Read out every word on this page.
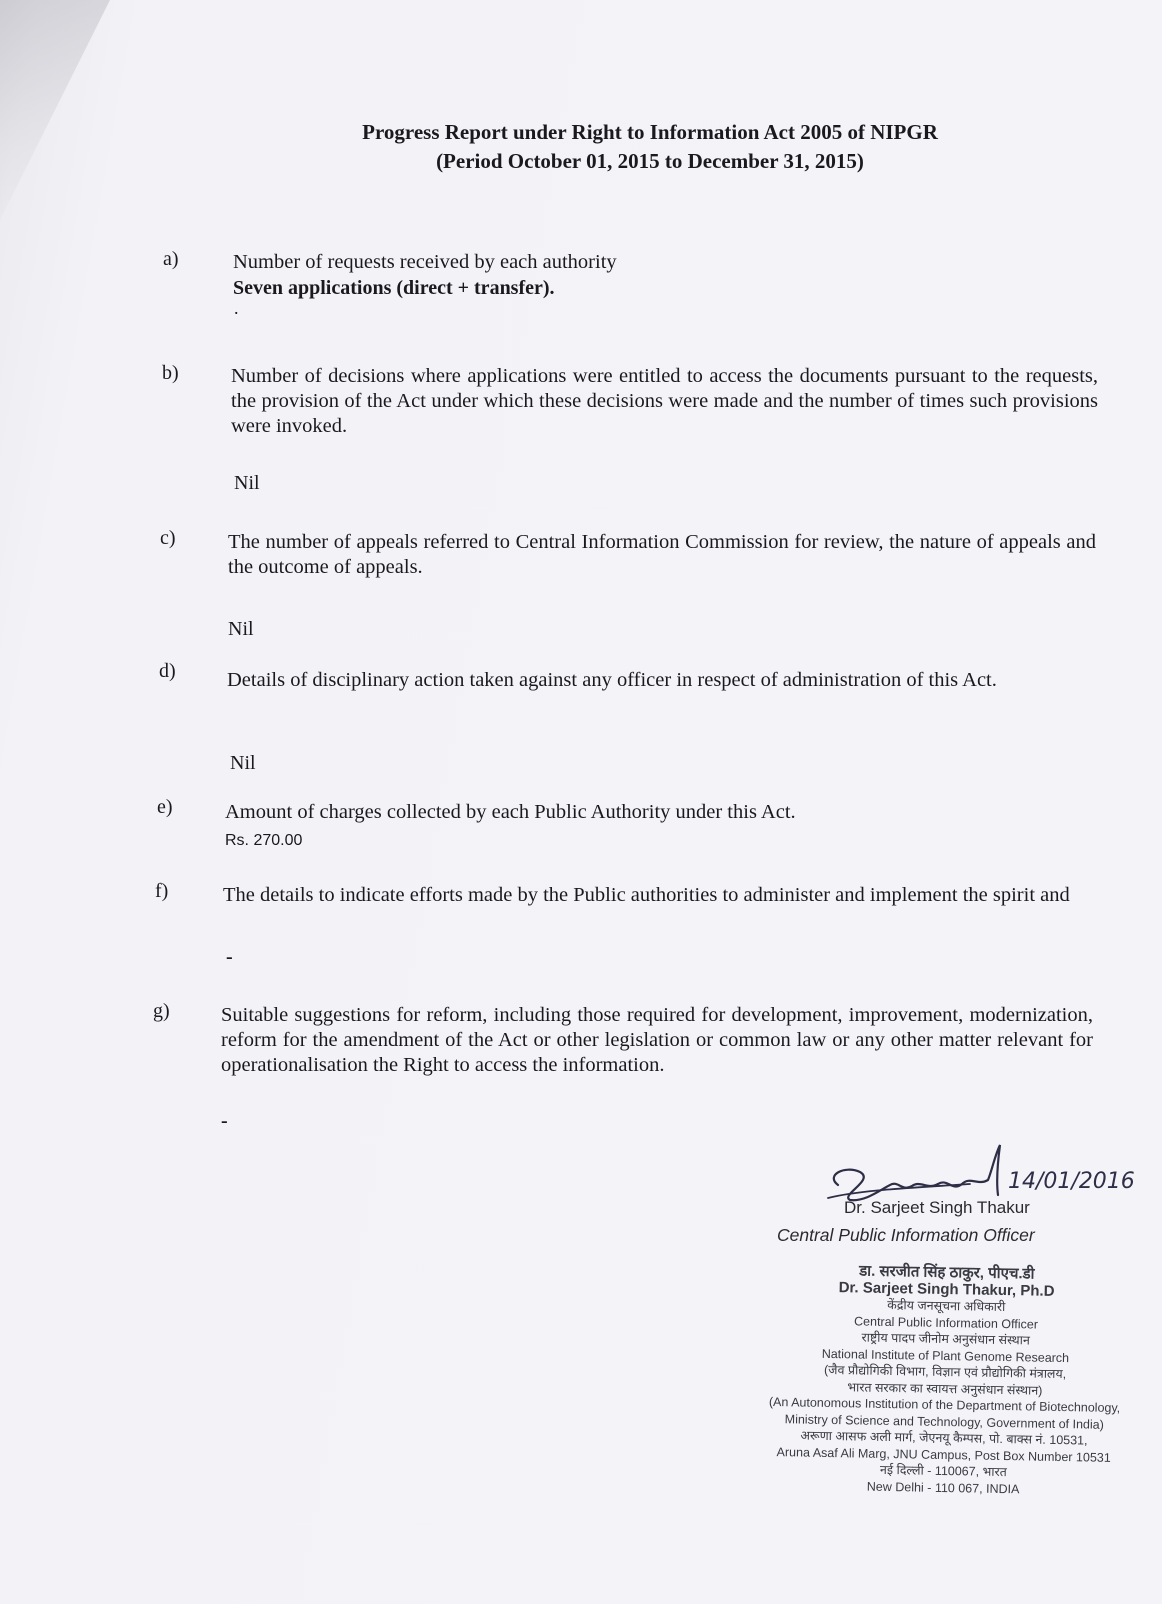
Progress Report under Right to Information Act 2005 of NIPGR
(Period October 01, 2015 to December 31, 2015)
a)	Number of requests received by each authority
Seven applications (direct + transfer).
.
b)	Number of decisions where applications were entitled to access the documents pursuant to the requests, the provision of the Act under which these decisions were made and the number of times such provisions were invoked.
Nil
c)	The number of appeals referred to Central Information Commission for review, the nature of appeals and the outcome of appeals.
Nil
d)	Details of disciplinary action taken against any officer in respect of administration of this Act.
Nil
e)	Amount of charges collected by each Public Authority under this Act.
Rs. 270.00
f)	The details to indicate efforts made by the Public authorities to administer and implement the spirit and
-
g)	Suitable suggestions for reform, including those required for development, improvement, modernization, reform for the amendment of the Act or other legislation or common law or any other matter relevant for operationalisation the Right to access the information.
-
14/01/2016
Dr. Sarjeet Singh Thakur
Central Public Information Officer
डा. सरजीत सिंह ठाकुर, पीएच.डी
Dr. Sarjeet Singh Thakur, Ph.D
केंद्रीय जनसूचना अधिकारी
Central Public Information Officer
राष्ट्रीय पादप जीनोम अनुसंधान संस्थान
National Institute of Plant Genome Research
(जैव प्रौद्योगिकी विभाग, विज्ञान एवं प्रौद्योगिकी मंत्रालय,
भारत सरकार का स्वायत्त अनुसंधान संस्थान)
(An Autonomous Institution of the Department of Biotechnology,
Ministry of Science and Technology, Government of India)
अरूणा आसफ अली मार्ग, जेएनयू कैम्पस, पो. बाक्स नं. 10531,
Aruna Asaf Ali Marg, JNU Campus, Post Box Number 10531
नई दिल्ली - 110067, भारत
New Delhi - 110 067, INDIA
